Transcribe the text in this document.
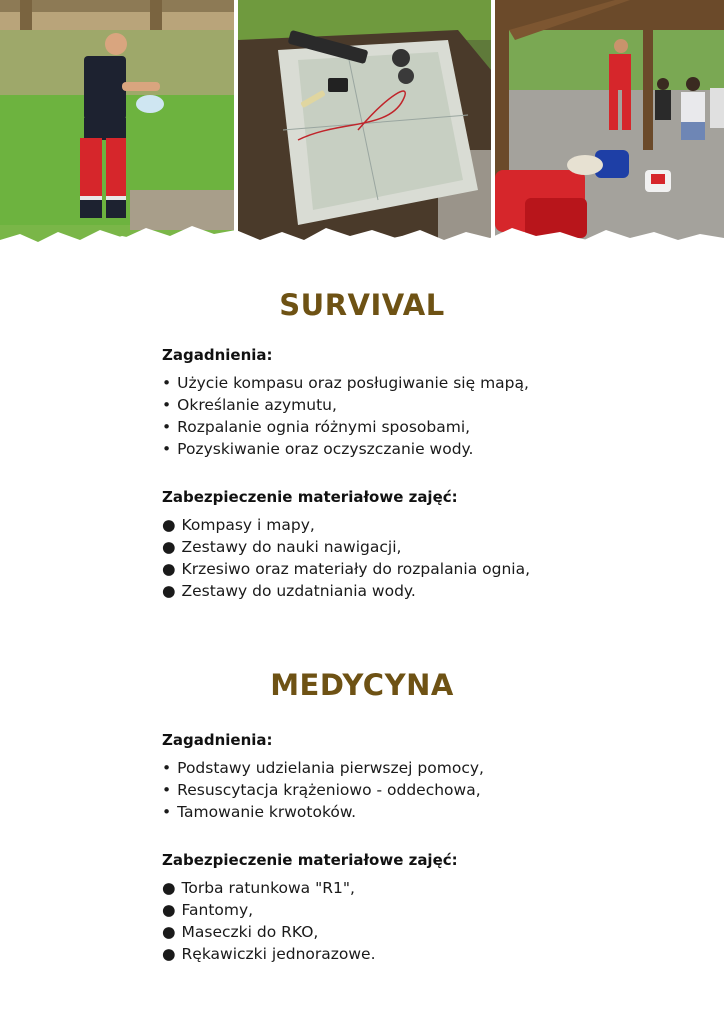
SURVIVAL

Zagadnienia:

• Użycie kompasu oraz posługiwanie się mapą,
• Określanie azymutu,
• Rozpalanie ognia różnymi sposobami,
• Pozyskiwanie oraz oczyszczanie wody.

Zabezpieczenie materiałowe zajęć:

● Kompasy i mapy,
● Zestawy do nauki nawigacji,
● Krzesiwo oraz materiały do rozpalania ognia,
● Zestawy do uzdatniania wody.
MEDYCYNA

Zagadnienia:

• Podstawy udzielania pierwszej pomocy,
• Resuscytacja krążeniowo - oddechowa,
• Tamowanie krwotoków.

Zabezpieczenie materiałowe zajęć:

● Torba ratunkowa "R1",
● Fantomy,
● Maseczki do RKO,
● Rękawiczki jednorazowe.
